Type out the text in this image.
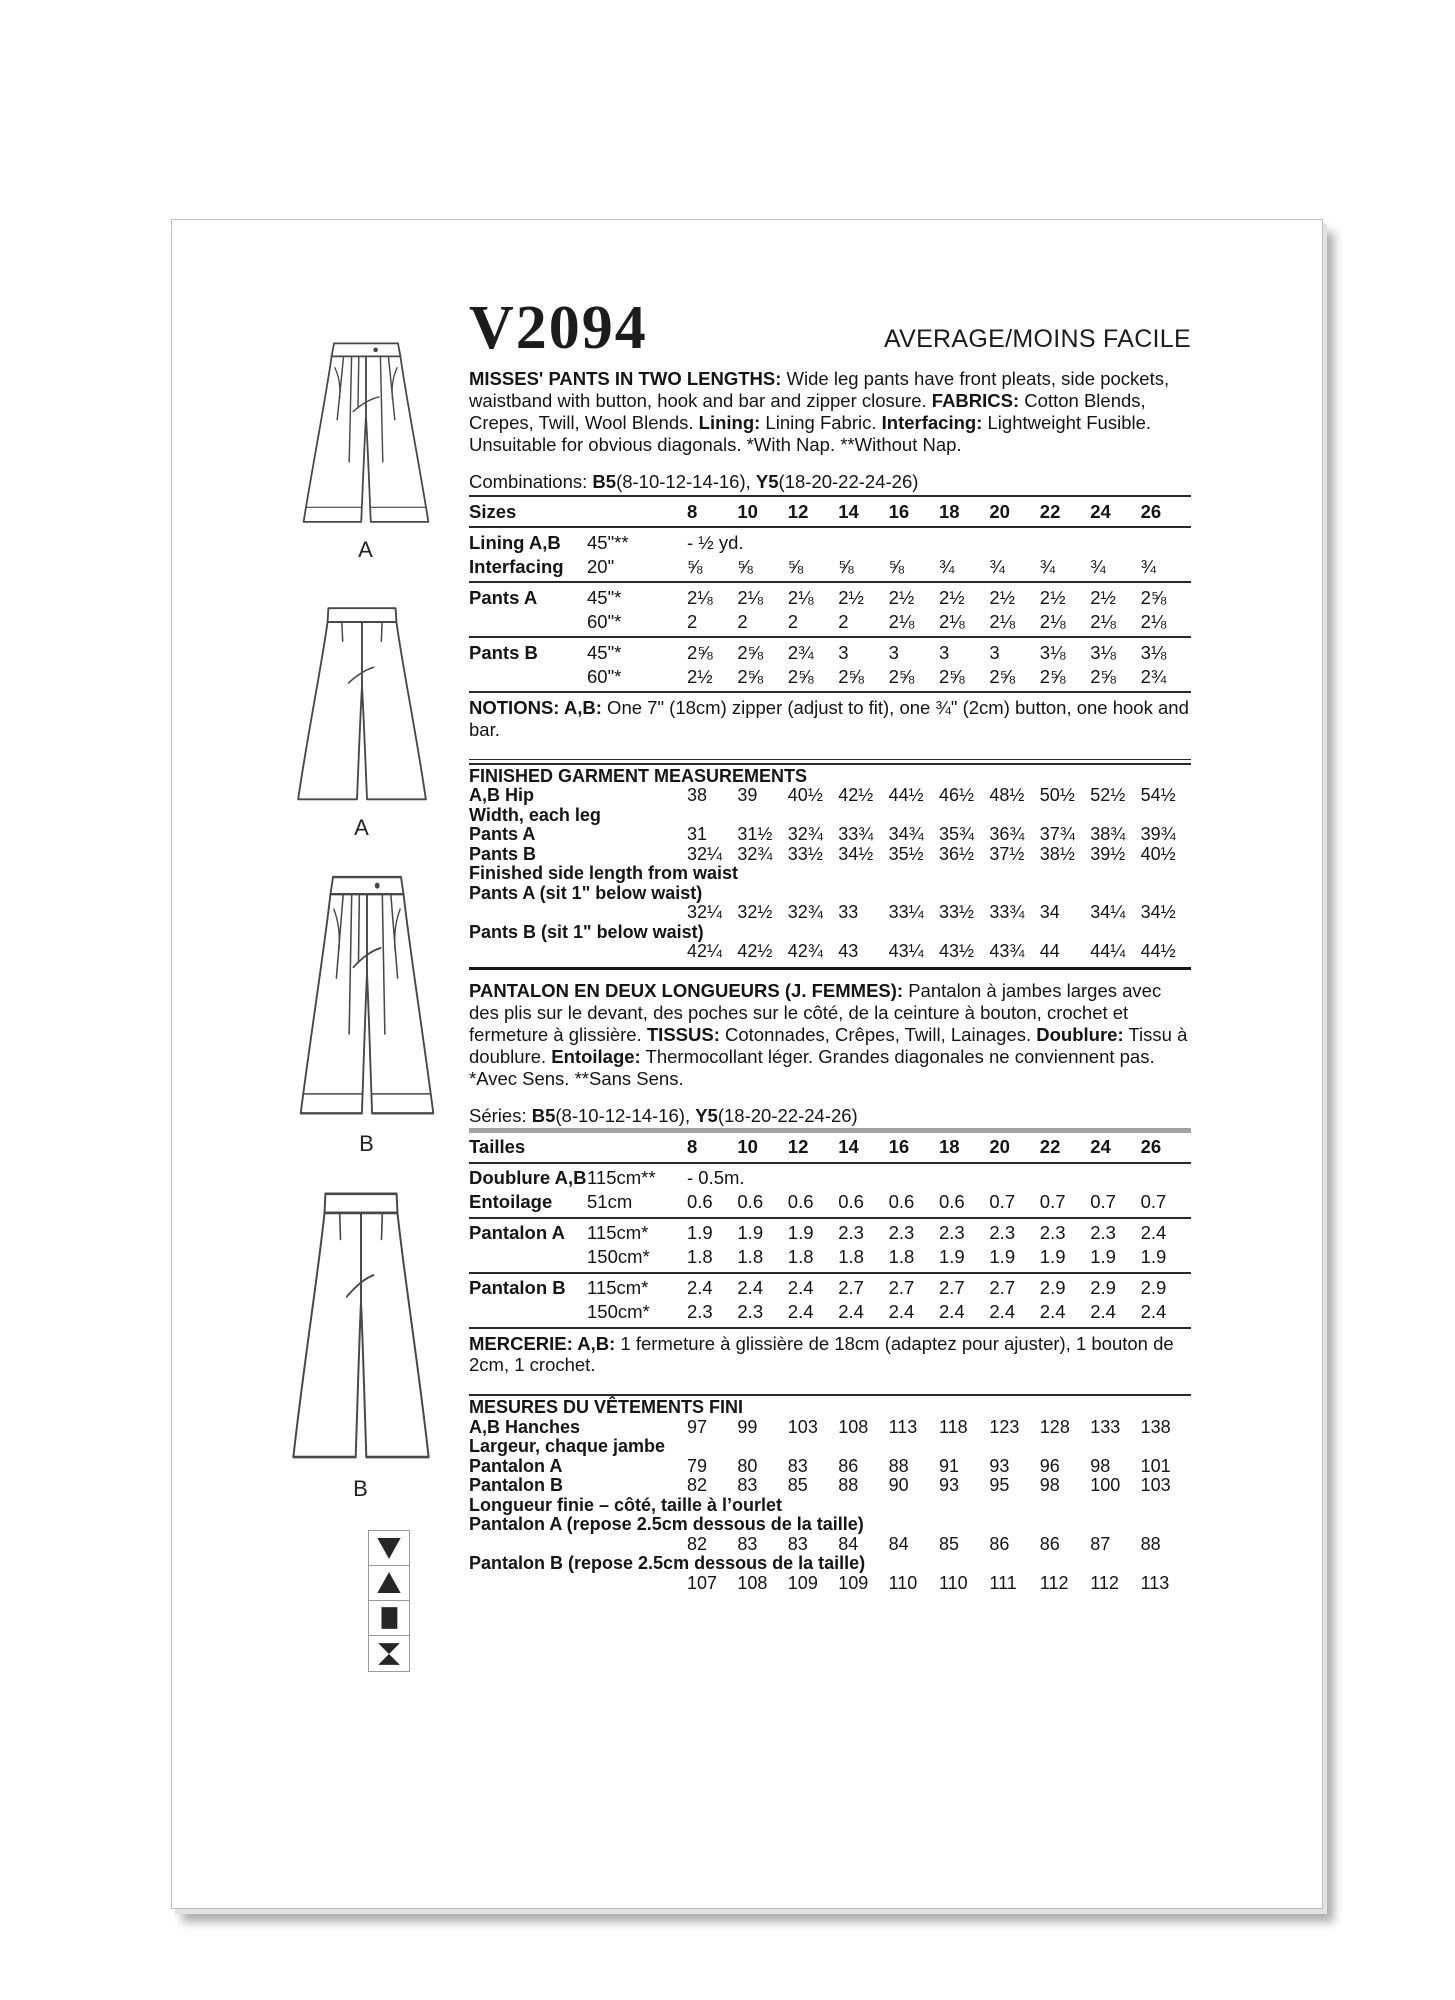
A
A
B
B
V2094	AVERAGE/MOINS FACILE

MISSES' PANTS IN TWO LENGTHS: Wide leg pants have front pleats, side pockets, waistband with button, hook and bar and zipper closure. FABRICS: Cotton Blends, Crepes, Twill, Wool Blends. Lining: Lining Fabric. Interfacing: Lightweight Fusible. Unsuitable for obvious diagonals. *With Nap. **Without Nap.

Combinations: B5(8-10-12-14-16), Y5(18-20-22-24-26)

Sizes	8	10	12	14	16	18	20	22	24	26
Lining A,B	45"**	- ½ yd.
Interfacing	20"	⅝	⅝	⅝	⅝	⅝	¾	¾	¾	¾	¾
Pants A	45"*	2⅛	2⅛	2⅛	2½	2½	2½	2½	2½	2½	2⅝
60"*	2	2	2	2	2⅛	2⅛	2⅛	2⅛	2⅛	2⅛
Pants B	45"*	2⅝	2⅝	2¾	3	3	3	3	3⅛	3⅛	3⅛
60"*	2½	2⅝	2⅝	2⅝	2⅝	2⅝	2⅝	2⅝	2⅝	2¾

NOTIONS: A,B: One 7" (18cm) zipper (adjust to fit), one ¾" (2cm) button, one hook and bar.

FINISHED GARMENT MEASUREMENTS
A,B Hip	38	39	40½ 42½ 44½ 46½ 48½ 50½ 52½ 54½
Width, each leg
Pants A	31	31½ 32¾ 33¾ 34¾ 35¾ 36¾ 37¾ 38¾ 39¾
Pants B	32¼ 32¾ 33½ 34½ 35½ 36½ 37½ 38½ 39½ 40½
Finished side length from waist
Pants A (sit 1" below waist)
32¼ 32½ 32¾ 33	33¼ 33½ 33¾ 34	34¼ 34½
Pants B (sit 1" below waist)
42¼ 42½ 42¾ 43	43¼ 43½ 43¾ 44	44¼ 44½

PANTALON EN DEUX LONGUEURS (J. FEMMES): Pantalon à jambes larges avec des plis sur le devant, des poches sur le côté, de la ceinture à bouton, crochet et fermeture à glissière. TISSUS: Cotonnades, Crêpes, Twill, Lainages. Doublure: Tissu à doublure. Entoilage: Thermocollant léger. Grandes diagonales ne conviennent pas. *Avec Sens. **Sans Sens.

Séries: B5(8-10-12-14-16), Y5(18-20-22-24-26)

Tailles	8	10	12	14	16	18	20	22	24	26
Doublure A,B 115cm**	- 0.5m.
Entoilage	51cm	0.6	0.6	0.6	0.6	0.6	0.6	0.7	0.7	0.7	0.7
Pantalon A	115cm*	1.9	1.9	1.9	2.3	2.3	2.3	2.3	2.3	2.3	2.4
150cm*	1.8	1.8	1.8	1.8	1.8	1.9	1.9	1.9	1.9	1.9
Pantalon B	115cm*	2.4	2.4	2.4	2.7	2.7	2.7	2.7	2.9	2.9	2.9
150cm*	2.3	2.3	2.4	2.4	2.4	2.4	2.4	2.4	2.4	2.4

MERCERIE: A,B: 1 fermeture à glissière de 18cm (adaptez pour ajuster), 1 bouton de 2cm, 1 crochet.

MESURES DU VÊTEMENTS FINI
A,B Hanches	97	99	103	108	113	118	123	128	133	138
Largeur, chaque jambe
Pantalon A	79	80	83	86	88	91	93	96	98	101
Pantalon B	82	83	85	88	90	93	95	98	100	103
Longueur finie – côté, taille à l’ourlet
Pantalon A (repose 2.5cm dessous de la taille)
82	83	83	84	84	85	86	86	87	88
Pantalon B (repose 2.5cm dessous de la taille)
107	108	109	109	110	110	111	112	112	113
